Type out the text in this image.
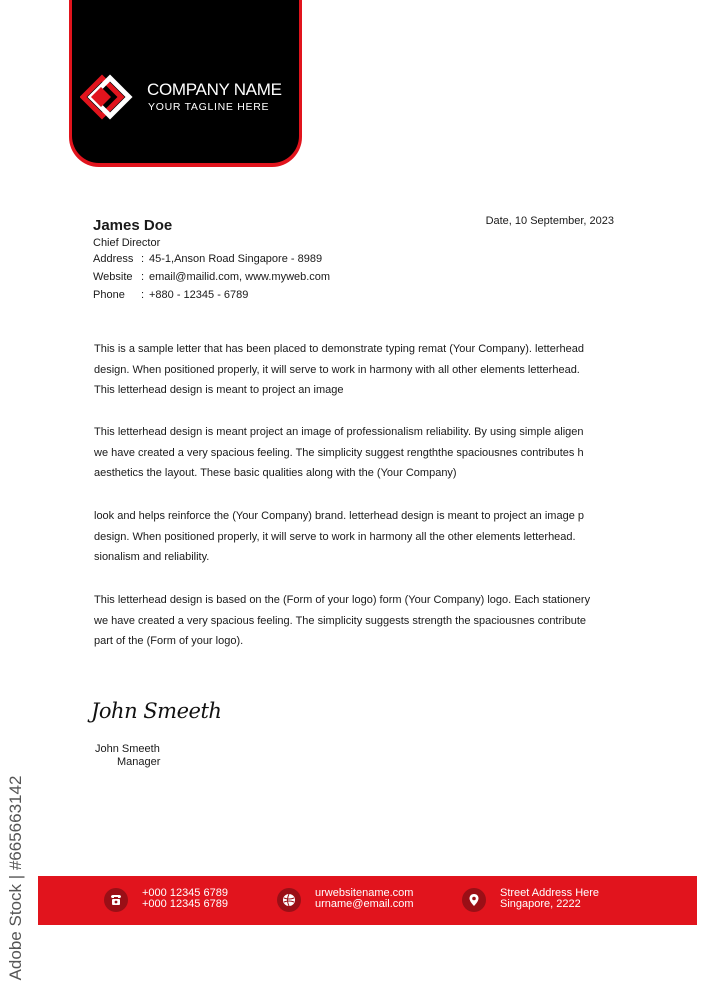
COMPANY NAME
YOUR TAGLINE HERE
Date, 10 September, 2023
James Doe
Chief Director
Address : 45-1,Anson Road Singapore - 8989
Website : email@mailid.com, www.myweb.com
Phone	: +880 - 12345 - 6789
This is a sample letter that has been placed to demonstrate typing remat (Your Company). letterhead
design. When positioned properly, it will serve to work in harmony with all other elements letterhead.
This letterhead design is meant to project an image
This letterhead design is meant project an image of professionalism reliability. By using simple aligen
we have created a very spacious feeling. The simplicity suggest rengththe spaciousnes contributes h
aesthetics the layout. These basic qualities along with the (Your Company)
look and helps reinforce the (Your Company) brand. letterhead design is meant to project an image p
design. When positioned properly, it will serve to work in harmony all the other elements letterhead.
sionalism and reliability.
This letterhead design is based on the (Form of your logo) form (Your Company) logo. Each stationery
we have created a very spacious feeling. The simplicity suggests strength the spaciousnes contribute
part of the (Form of your logo).
John Smeeth
John Smeeth
Manager
+000 12345 6789
+000 12345 6789
urwebsitename.com
urname@email.com
Street Address Here
Singapore, 2222
Adobe Stock | #665663142
